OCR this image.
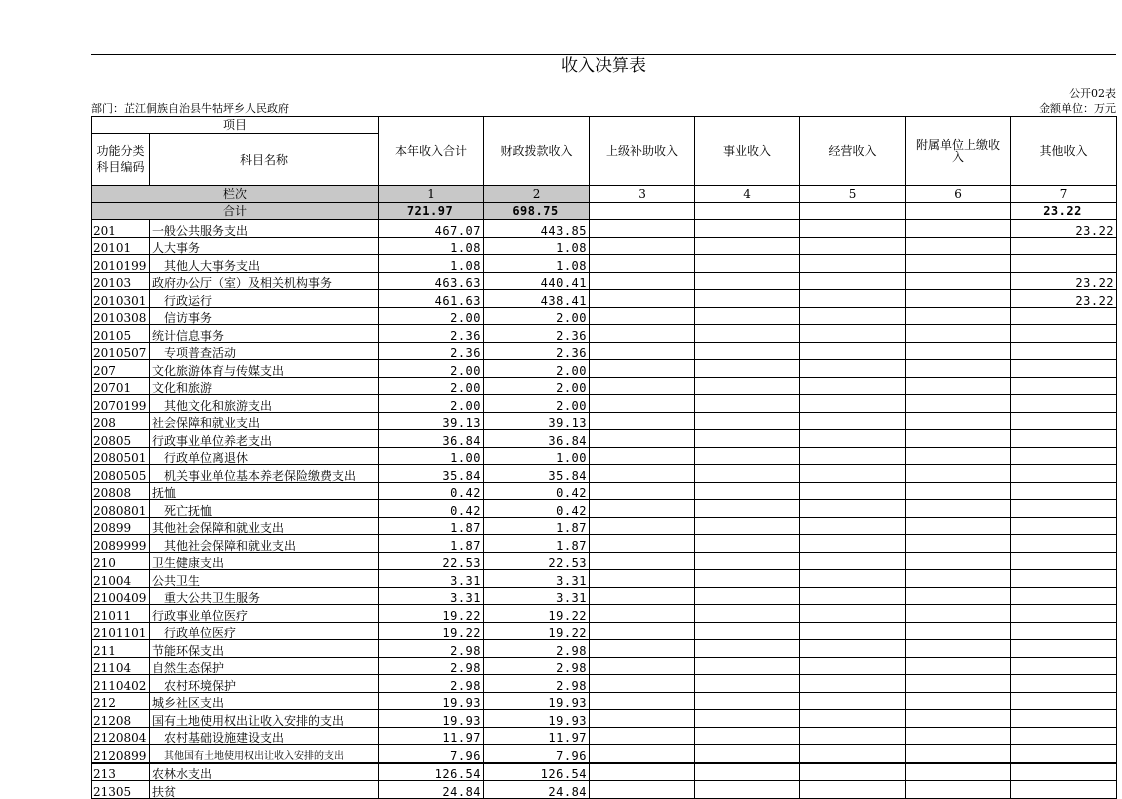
收入决算表		

		公开02表
部门：芷江侗族自治县牛牯坪乡人民政府	金额单位：万元	
项目		本年收入合计	财政拨款收入	上级补助收入	事业收入	经营收入	附属单位上缴收入	其他收入
功能分类科目编码	科目名称							
栏次		1	2	3	4	5	6	7
合计		721.97	698.75					23.22
201	一般公共服务支出	467.07	443.85					23.22
20101	人大事务	1.08	1.08					
2010199	其他人大事务支出	1.08	1.08					
20103	政府办公厅（室）及相关机构事务	463.63	440.41					23.22
2010301	行政运行	461.63	438.41					23.22
2010308	信访事务	2.00	2.00					
20105	统计信息事务	2.36	2.36					
2010507	专项普查活动	2.36	2.36					
207	文化旅游体育与传媒支出	2.00	2.00					
20701	文化和旅游	2.00	2.00					
2070199	其他文化和旅游支出	2.00	2.00					
208	社会保障和就业支出	39.13	39.13					
20805	行政事业单位养老支出	36.84	36.84					
2080501	行政单位离退休	1.00	1.00					
2080505	机关事业单位基本养老保险缴费支出	35.84	35.84					
20808	抚恤	0.42	0.42					
2080801	死亡抚恤	0.42	0.42					
20899	其他社会保障和就业支出	1.87	1.87					
2089999	其他社会保障和就业支出	1.87	1.87					
210	卫生健康支出	22.53	22.53					
21004	公共卫生	3.31	3.31					
2100409	重大公共卫生服务	3.31	3.31					
21011	行政事业单位医疗	19.22	19.22					
2101101	行政单位医疗	19.22	19.22					
211	节能环保支出	2.98	2.98					
21104	自然生态保护	2.98	2.98					
2110402	农村环境保护	2.98	2.98					
212	城乡社区支出	19.93	19.93					
21208	国有土地使用权出让收入安排的支出	19.93	19.93					
2120804	农村基础设施建设支出	11.97	11.97					
2120899	其他国有土地使用权出让收入安排的支出	7.96	7.96					
213	农林水支出	126.54	126.54					
21305	扶贫	24.84	24.84					
